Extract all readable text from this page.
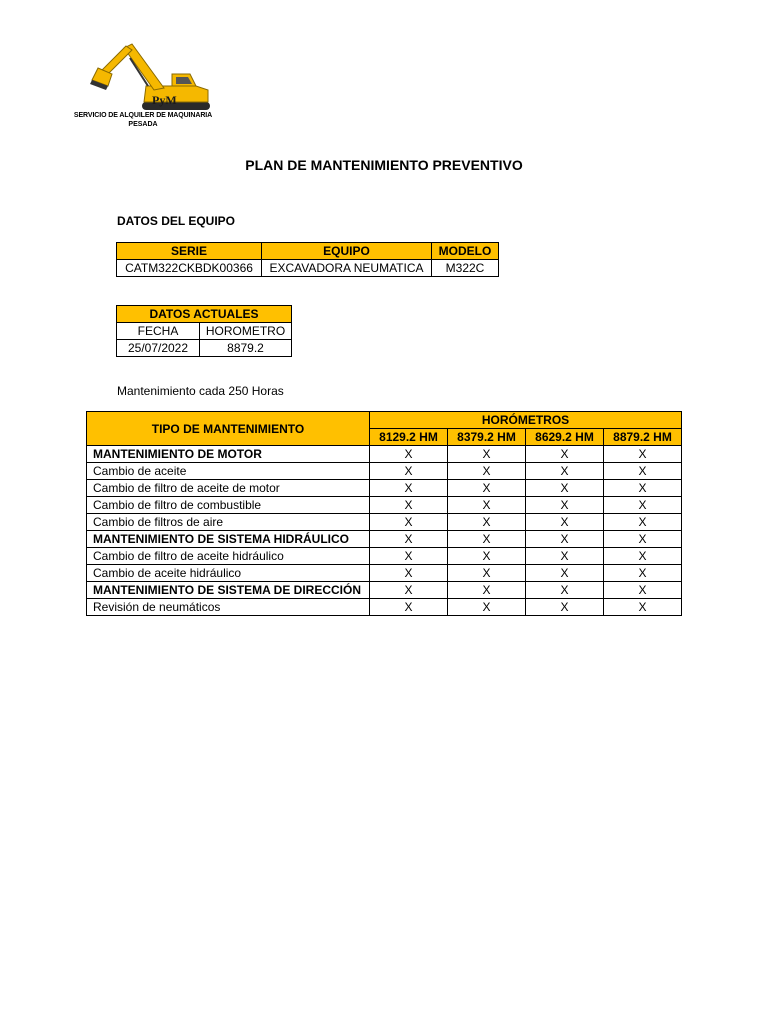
PyM
SERVICIO DE ALQUILER DE MAQUINARIA
PESADA
PLAN DE MANTENIMIENTO PREVENTIVO
DATOS DEL EQUIPO
SERIE	EQUIPO	MODELO
CATM322CKBDK00366	EXCAVADORA NEUMATICA	M322C
DATOS ACTUALES	
FECHA	HOROMETRO
25/07/2022	8879.2
Mantenimiento cada 250 Horas
TIPO DE MANTENIMIENTO	HORÓMETROS			
	8129.2 HM	8379.2 HM	8629.2 HM	8879.2 HM
MANTENIMIENTO DE MOTOR	X	X	X	X
Cambio de aceite	X	X	X	X
Cambio de filtro de aceite de motor	X	X	X	X
Cambio de filtro de combustible	X	X	X	X
Cambio de filtros de aire	X	X	X	X
MANTENIMIENTO DE SISTEMA HIDRÁULICO	X	X	X	X
Cambio de filtro de aceite hidráulico	X	X	X	X
Cambio de aceite hidráulico	X	X	X	X
MANTENIMIENTO DE SISTEMA DE DIRECCIÓN	X	X	X	X
Revisión de neumáticos	X	X	X	X
